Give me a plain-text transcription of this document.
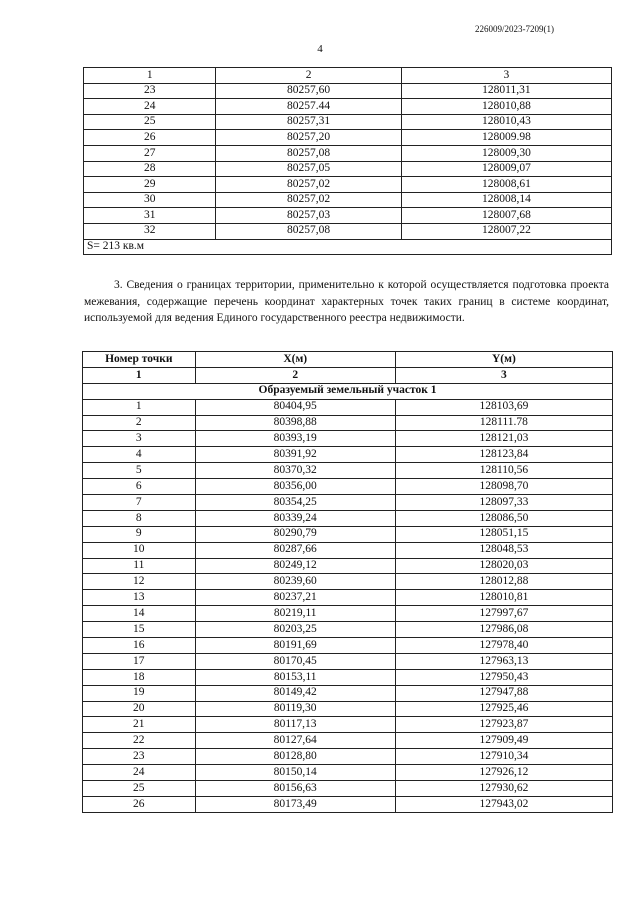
226009/2023-7209(1)
4
1	2	3
23	80257,60	128011,31
24	80257.44	128010,88
25	80257,31	128010,43
26	80257,20	128009.98
27	80257,08	128009,30
28	80257,05	128009,07
29	80257,02	128008,61
30	80257,02	128008,14
31	80257,03	128007,68
32	80257,08	128007,22
S= 213 кв.м		
3. Сведения о границах территории, применительно к которой осуществляется подготовка проекта межевания, содержащие перечень координат характерных точек таких границ в системе координат, используемой для ведения Единого государственного реестра недвижимости.
Номер точки	X(м)	Y(м)
1	2	3
Образуемый земельный участок 1		
1	80404,95	128103,69
2	80398,88	128111.78
3	80393,19	128121,03
4	80391,92	128123,84
5	80370,32	128110,56
6	80356,00	128098,70
7	80354,25	128097,33
8	80339,24	128086,50
9	80290,79	128051,15
10	80287,66	128048,53
11	80249,12	128020,03
12	80239,60	128012,88
13	80237,21	128010,81
14	80219,11	127997,67
15	80203,25	127986,08
16	80191,69	127978,40
17	80170,45	127963,13
18	80153,11	127950,43
19	80149,42	127947,88
20	80119,30	127925,46
21	80117,13	127923,87
22	80127,64	127909,49
23	80128,80	127910,34
24	80150,14	127926,12
25	80156,63	127930,62
26	80173,49	127943,02
